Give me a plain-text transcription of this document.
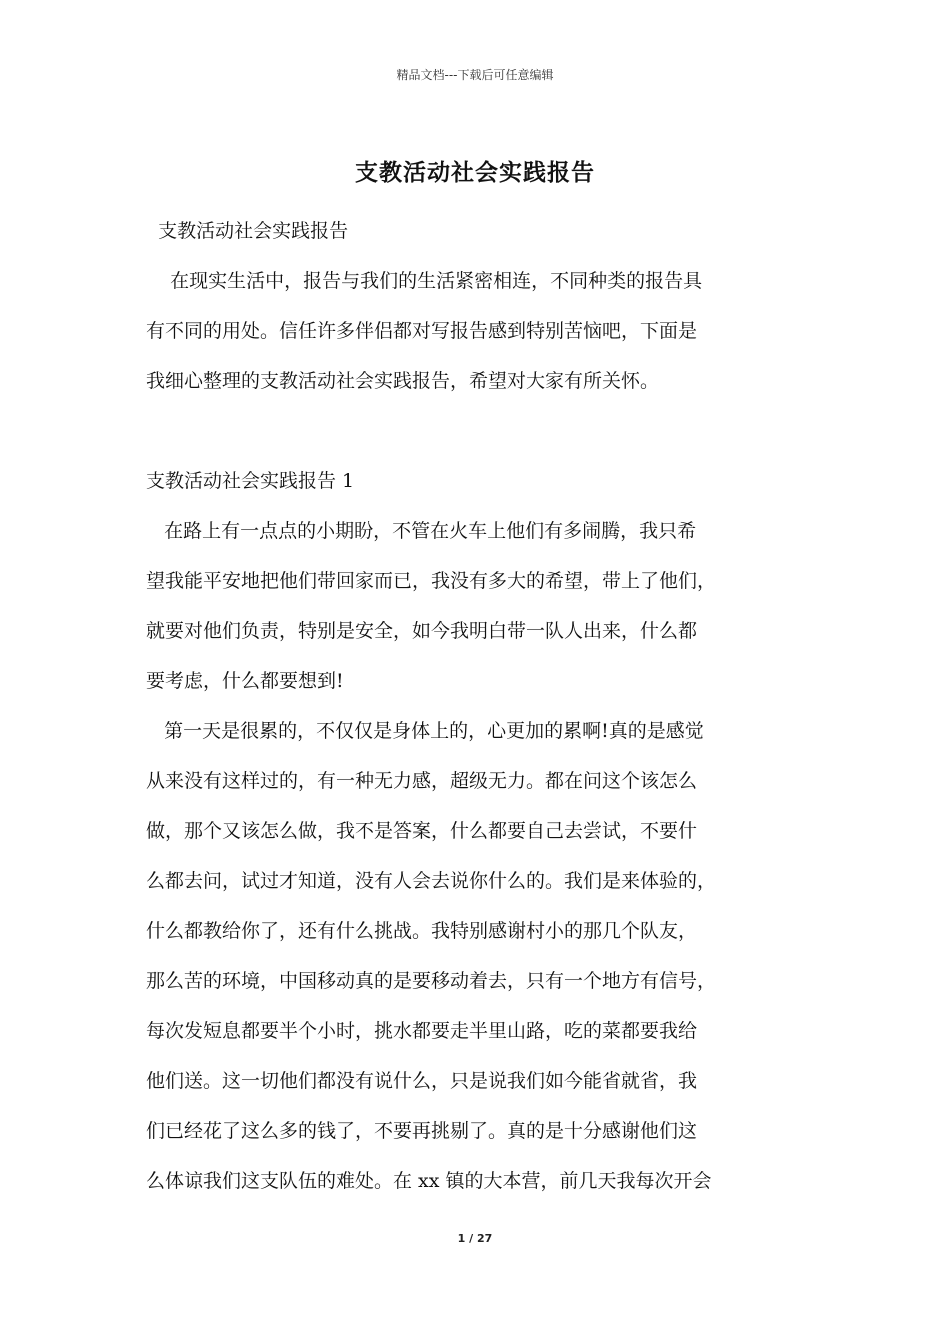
精品文档---下载后可任意编辑
支教活动社会实践报告
支教活动社会实践报告
在现实生活中，报告与我们的生活紧密相连，不同种类的报告具
有不同的用处。信任许多伴侣都对写报告感到特别苦恼吧，下面是
我细心整理的支教活动社会实践报告，希望对大家有所关怀。
支教活动社会实践报告 1
在路上有一点点的小期盼，不管在火车上他们有多闹腾，我只希
望我能平安地把他们带回家而已，我没有多大的希望，带上了他们，
就要对他们负责，特别是安全，如今我明白带一队人出来，什么都
要考虑，什么都要想到!
第一天是很累的，不仅仅是身体上的，心更加的累啊!真的是感觉
从来没有这样过的，有一种无力感，超级无力。都在问这个该怎么
做，那个又该怎么做，我不是答案，什么都要自己去尝试，不要什
么都去问，试过才知道，没有人会去说你什么的。我们是来体验的，
什么都教给你了，还有什么挑战。我特别感谢村小的那几个队友，
那么苦的环境，中国移动真的是要移动着去，只有一个地方有信号，
每次发短息都要半个小时，挑水都要走半里山路，吃的菜都要我给
他们送。这一切他们都没有说什么，只是说我们如今能省就省，我
们已经花了这么多的钱了，不要再挑剔了。真的是十分感谢他们这
么体谅我们这支队伍的难处。在 xx 镇的大本营，前几天我每次开会
1 / 27
